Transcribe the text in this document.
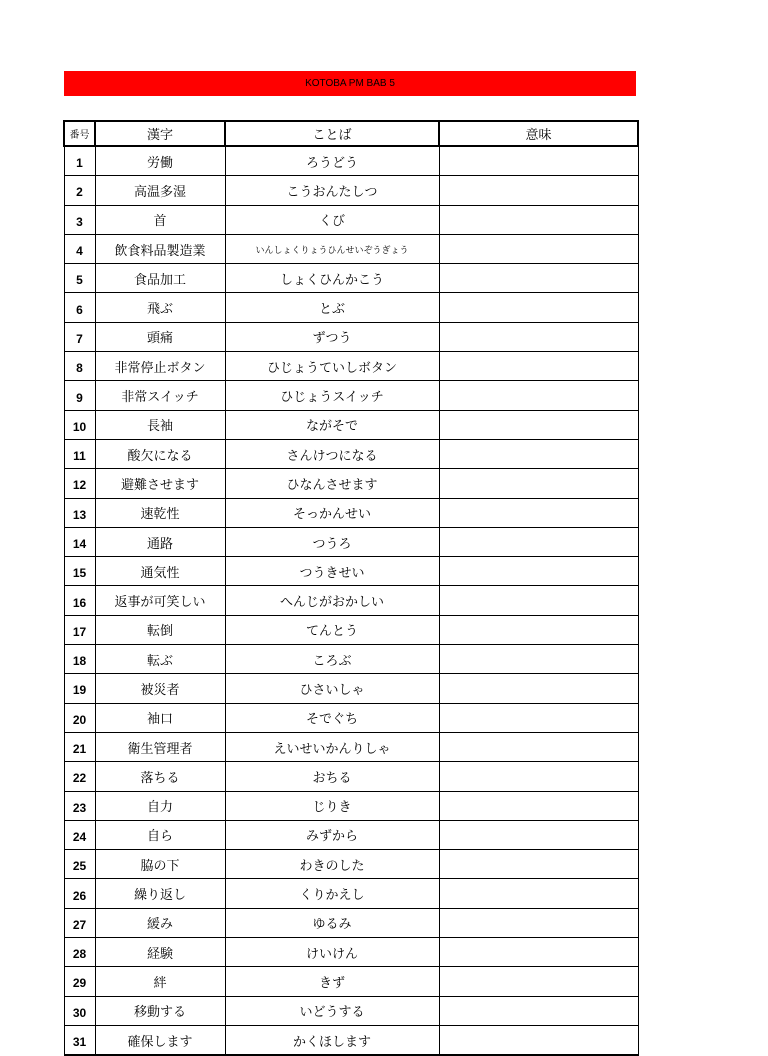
KOTOBA PM BAB 5
番号	漢字	ことば	意味
1	労働	ろうどう	
2	高温多湿	こうおんたしつ	
3	首	くび	
4	飲食料品製造業	いんしょくりょうひんせいぞうぎょう	
5	食品加工	しょくひんかこう	
6	飛ぶ	とぶ	
7	頭痛	ずつう	
8	非常停止ボタン	ひじょうていしボタン	
9	非常スイッチ	ひじょうスイッチ	
10	長袖	ながそで	
11	酸欠になる	さんけつになる	
12	避難させます	ひなんさせます	
13	速乾性	そっかんせい	
14	通路	つうろ	
15	通気性	つうきせい	
16	返事が可笑しい	へんじがおかしい	
17	転倒	てんとう	
18	転ぶ	ころぶ	
19	被災者	ひさいしゃ	
20	袖口	そでぐち	
21	衛生管理者	えいせいかんりしゃ	
22	落ちる	おちる	
23	自力	じりき	
24	自ら	みずから	
25	脇の下	わきのした	
26	繰り返し	くりかえし	
27	緩み	ゆるみ	
28	経験	けいけん	
29	絆	きず	
30	移動する	いどうする	
31	確保します	かくほします	
